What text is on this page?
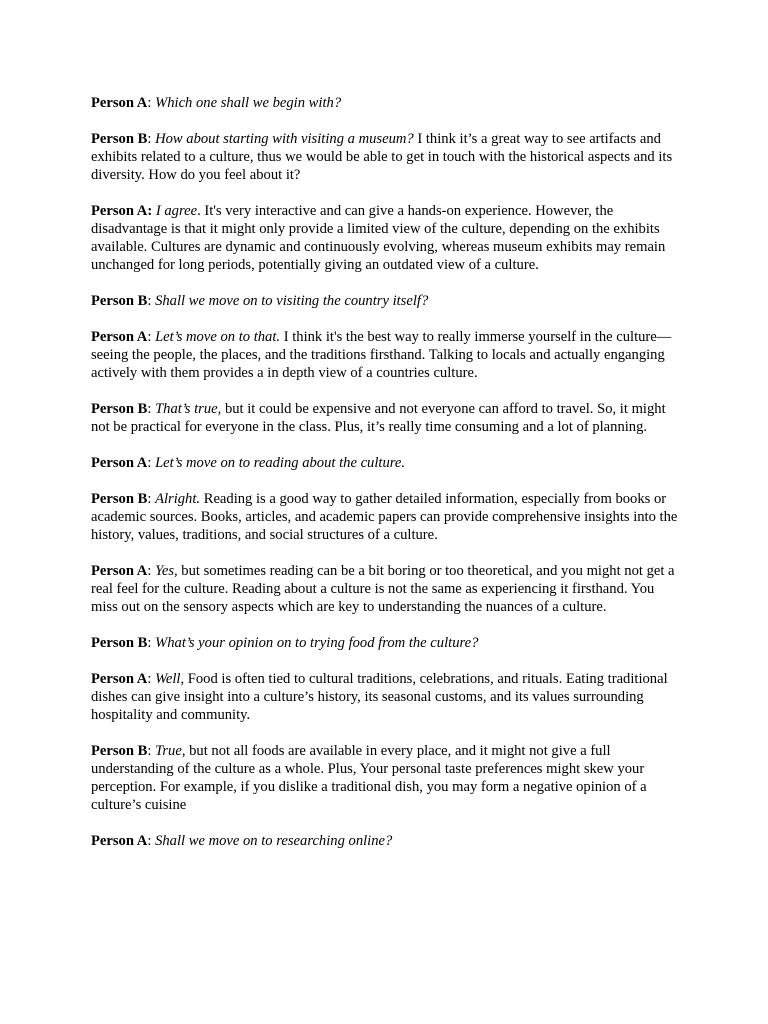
Person A: Which one shall we begin with?

Person B: How about starting with visiting a museum? I think it’s a great way to see artifacts and exhibits related to a culture, thus we would be able to get in touch with the historical aspects and its diversity. How do you feel about it?

Person A: I agree. It's very interactive and can give a hands-on experience. However, the disadvantage is that it might only provide a limited view of the culture, depending on the exhibits available. Cultures are dynamic and continuously evolving, whereas museum exhibits may remain unchanged for long periods, potentially giving an outdated view of a culture.

Person B: Shall we move on to visiting the country itself?

Person A: Let’s move on to that. I think it's the best way to really immerse yourself in the culture—seeing the people, the places, and the traditions firsthand. Talking to locals and actually enganging actively with them provides a in depth view of a countries culture.

Person B: That’s true, but it could be expensive and not everyone can afford to travel. So, it might not be practical for everyone in the class. Plus, it’s really time consuming and a lot of planning.

Person A: Let’s move on to reading about the culture.

Person B: Alright. Reading is a good way to gather detailed information, especially from books or academic sources. Books, articles, and academic papers can provide comprehensive insights into the history, values, traditions, and social structures of a culture.

Person A: Yes, but sometimes reading can be a bit boring or too theoretical, and you might not get a real feel for the culture. Reading about a culture is not the same as experiencing it firsthand. You miss out on the sensory aspects which are key to understanding the nuances of a culture.

Person B: What’s your opinion on to trying food from the culture?

Person A: Well, Food is often tied to cultural traditions, celebrations, and rituals. Eating traditional dishes can give insight into a culture’s history, its seasonal customs, and its values surrounding hospitality and community.

Person B: True, but not all foods are available in every place, and it might not give a full understanding of the culture as a whole. Plus, Your personal taste preferences might skew your perception. For example, if you dislike a traditional dish, you may form a negative opinion of a culture’s cuisine

Person A: Shall we move on to researching online?
